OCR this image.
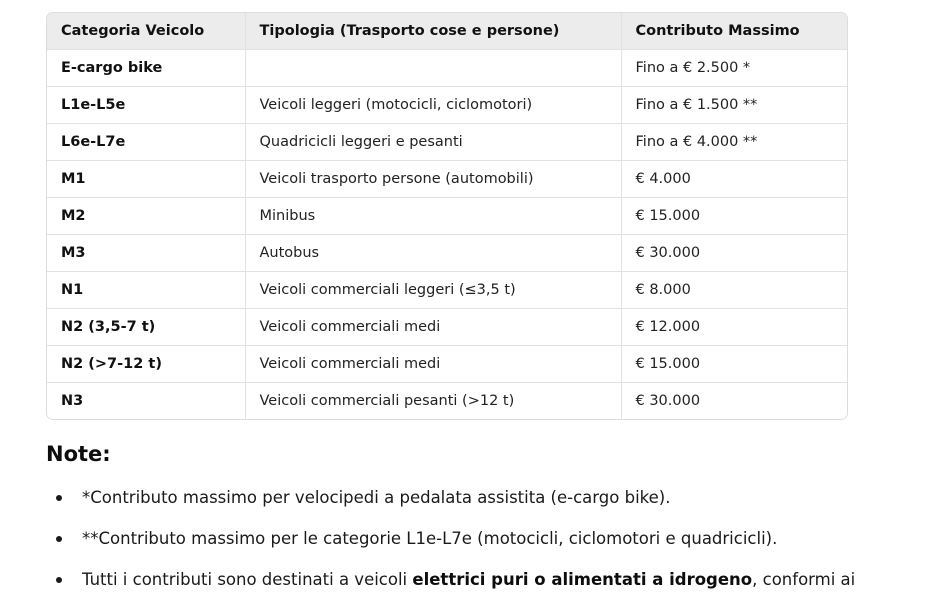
Categoria Veicolo	Tipologia (Trasporto cose e persone)	Contributo Massimo
E-cargo bike		Fino a € 2.500 *
L1e-L5e	Veicoli leggeri (motocicli, ciclomotori)	Fino a € 1.500 **
L6e-L7e	Quadricicli leggeri e pesanti	Fino a € 4.000 **
M1	Veicoli trasporto persone (automobili)	€ 4.000
M2	Minibus	€ 15.000
M3	Autobus	€ 30.000
N1	Veicoli commerciali leggeri (≤3,5 t)	€ 8.000
N2 (3,5-7 t)	Veicoli commerciali medi	€ 12.000
N2 (>7-12 t)	Veicoli commerciali medi	€ 15.000
N3	Veicoli commerciali pesanti (>12 t)	€ 30.000
Note:
*Contributo massimo per velocipedi a pedalata assistita (e-cargo bike).
**Contributo massimo per le categorie L1e-L7e (motocicli, ciclomotori e quadricicli).
Tutti i contributi sono destinati a veicoli elettrici puri o alimentati a idrogeno, conformi ai
